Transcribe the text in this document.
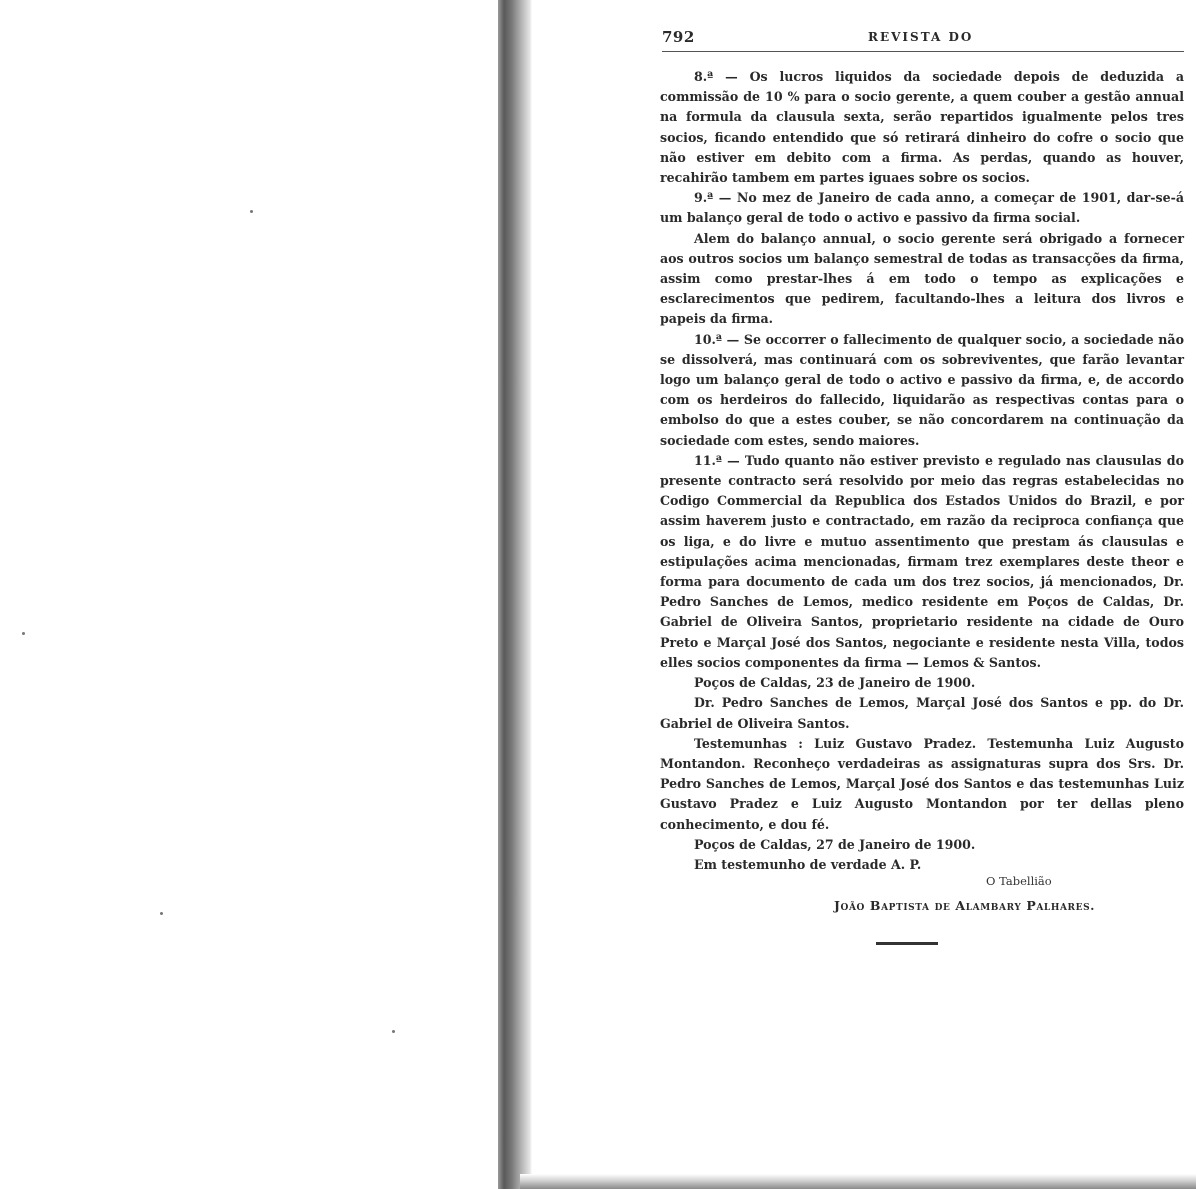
792	REVISTA DO

8.ª — Os lucros liquidos da sociedade depois de deduzida a commissão de 10 % para o socio gerente, a quem couber a gestão annual na formula da clausula sexta, serão repartidos igualmente pelos tres socios, ficando entendido que só retirará dinheiro do cofre o socio que não estiver em debito com a firma. As perdas, quando as houver, recahirão tambem em partes iguaes sobre os socios.

9.ª — No mez de Janeiro de cada anno, a começar de 1901, dar-se-á um balanço geral de todo o activo e passivo da firma social.

Alem do balanço annual, o socio gerente será obrigado a fornecer aos outros socios um balanço semestral de todas as transacções da firma, assim como prestar-lhes á em todo o tempo as explicações e esclarecimentos que pedirem, facultando-lhes a leitura dos livros e papeis da firma.

10.ª — Se occorrer o fallecimento de qualquer socio, a sociedade não se dissolverá, mas continuará com os sobreviventes, que farão levantar logo um balanço geral de todo o activo e passivo da firma, e, de accordo com os herdeiros do fallecido, liquidarão as respectivas contas para o embolso do que a estes couber, se não concordarem na continuação da sociedade com estes, sendo maiores.

11.ª — Tudo quanto não estiver previsto e regulado nas clausulas do presente contracto será resolvido por meio das regras estabelecidas no Codigo Commercial da Republica dos Estados Unidos do Brazil, e por assim haverem justo e contractado, em razão da reciproca confiança que os liga, e do livre e mutuo assentimento que prestam ás clausulas e estipulações acima mencionadas, firmam trez exemplares deste theor e forma para documento de cada um dos trez socios, já mencionados, Dr. Pedro Sanches de Lemos, medico residente em Poços de Caldas, Dr. Gabriel de Oliveira Santos, proprietario residente na cidade de Ouro Preto e Marçal José dos Santos, negociante e residente nesta Villa, todos elles socios componentes da firma — Lemos & Santos.

Poços de Caldas, 23 de Janeiro de 1900.

Dr. Pedro Sanches de Lemos, Marçal José dos Santos e pp. do Dr. Gabriel de Oliveira Santos.

Testemunhas : Luiz Gustavo Pradez. Testemunha Luiz Augusto Montandon. Reconheço verdadeiras as assignaturas supra dos Srs. Dr. Pedro Sanches de Lemos, Marçal José dos Santos e das testemunhas Luiz Gustavo Pradez e Luiz Augusto Montandon por ter dellas pleno conhecimento, e dou fé.

Poços de Caldas, 27 de Janeiro de 1900.

Em testemunho de verdade A. P.

O Tabellião
João Baptista de Alambary Palhares.
